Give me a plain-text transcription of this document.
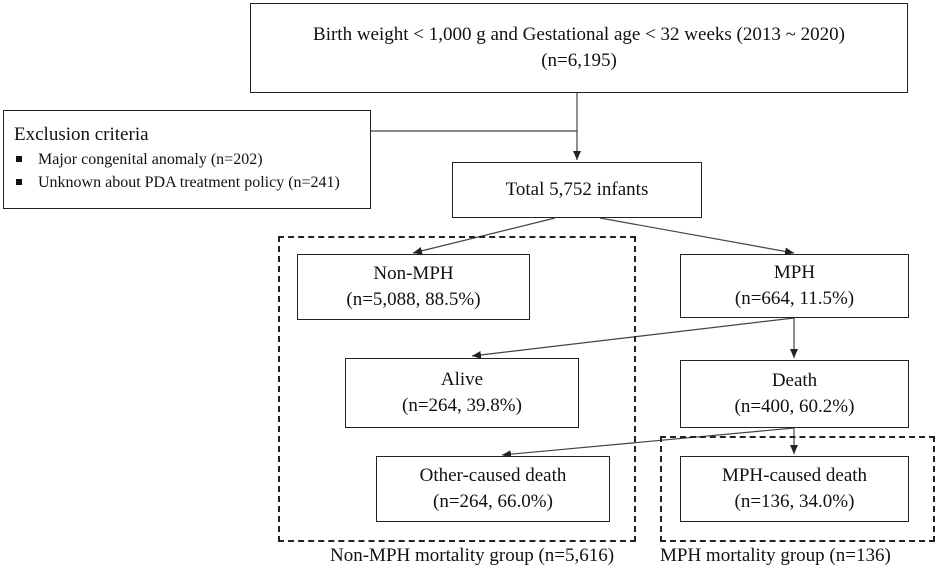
Birth weight < 1,000 g and Gestational age < 32 weeks (2013 ~ 2020)
(n=6,195)
Exclusion criteria
Major congenital anomaly (n=202)
Unknown about PDA treatment policy (n=241)	Total 5,752 infants
Non-MPH
(n=5,088, 88.5%)
MPH
(n=664, 11.5%)
Alive
(n=264, 39.8%)
Death
(n=400, 60.2%)
Other-caused death
(n=264, 66.0%)
MPH-caused death
(n=136, 34.0%)
Non-MPH mortality group (n=5,616) MPH mortality group (n=136)
